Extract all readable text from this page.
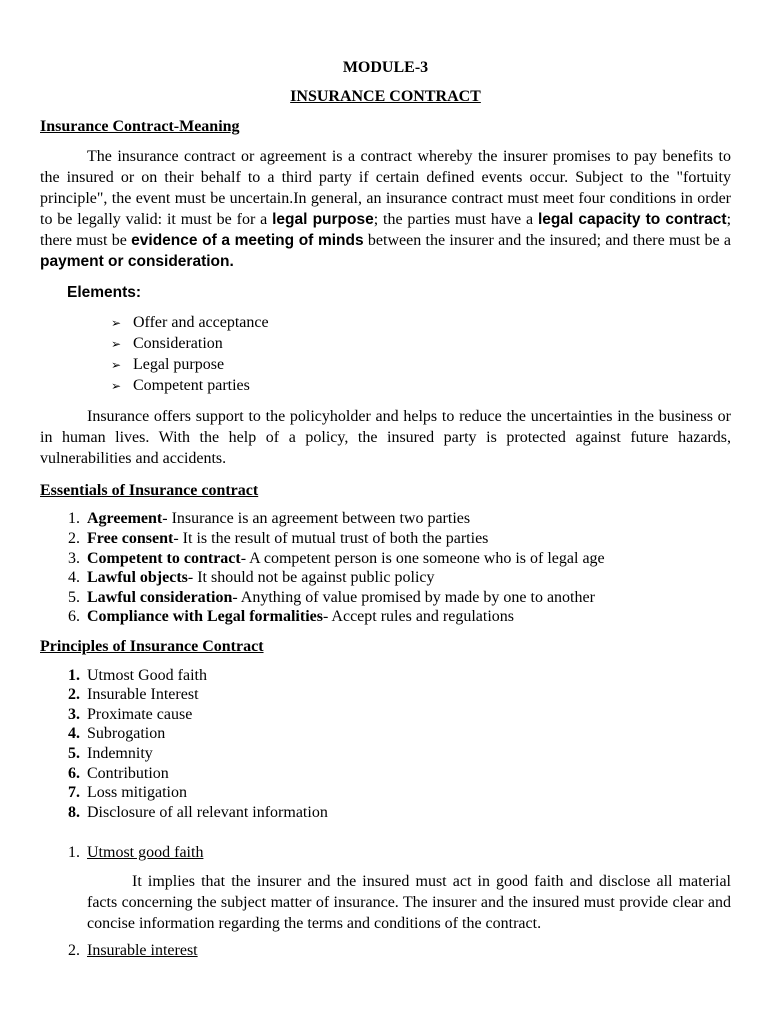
MODULE-3
INSURANCE CONTRACT
Insurance Contract-Meaning
The insurance contract or agreement is a contract whereby the insurer promises to pay benefits to the insured or on their behalf to a third party if certain defined events occur. Subject to the "fortuity principle", the event must be uncertain.In general, an insurance contract must meet four conditions in order to be legally valid: it must be for a legal purpose; the parties must have a legal capacity to contract; there must be evidence of a meeting of minds between the insurer and the insured; and there must be a payment or consideration.
Elements:
➢ Offer and acceptance
➢ Consideration
➢ Legal purpose
➢ Competent parties
Insurance offers support to the policyholder and helps to reduce the uncertainties in the business or in human lives. With the help of a policy, the insured party is protected against future hazards, vulnerabilities and accidents.
Essentials of Insurance contract
1. Agreement- Insurance is an agreement between two parties
2. Free consent- It is the result of mutual trust of both the parties
3. Competent to contract- A competent person is one someone who is of legal age
4. Lawful objects- It should not be against public policy
5. Lawful consideration- Anything of value promised by made by one to another
6. Compliance with Legal formalities- Accept rules and regulations
Principles of Insurance Contract
1. Utmost Good faith
2. Insurable Interest
3. Proximate cause
4. Subrogation
5. Indemnity
6. Contribution
7. Loss mitigation
8. Disclosure of all relevant information
1. Utmost good faith
It implies that the insurer and the insured must act in good faith and disclose all material facts concerning the subject matter of insurance. The insurer and the insured must provide clear and concise information regarding the terms and conditions of the contract.
2. Insurable interest
